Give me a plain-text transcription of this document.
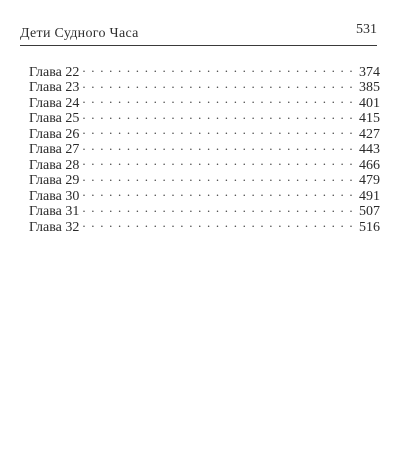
Дети Судного Часа	531
Глава 22 . . .	374
Глава 23 . . .	385
Глава 24 . . .	401
Глава 25 . . .	415
Глава 26 . . .	427
Глава 27 . . .	443
Глава 28 . . .	466
Глава 29 . . .	479
Глава 30 . . .	491
Глава 31 . . .	507
Глава 32 . . .	516
